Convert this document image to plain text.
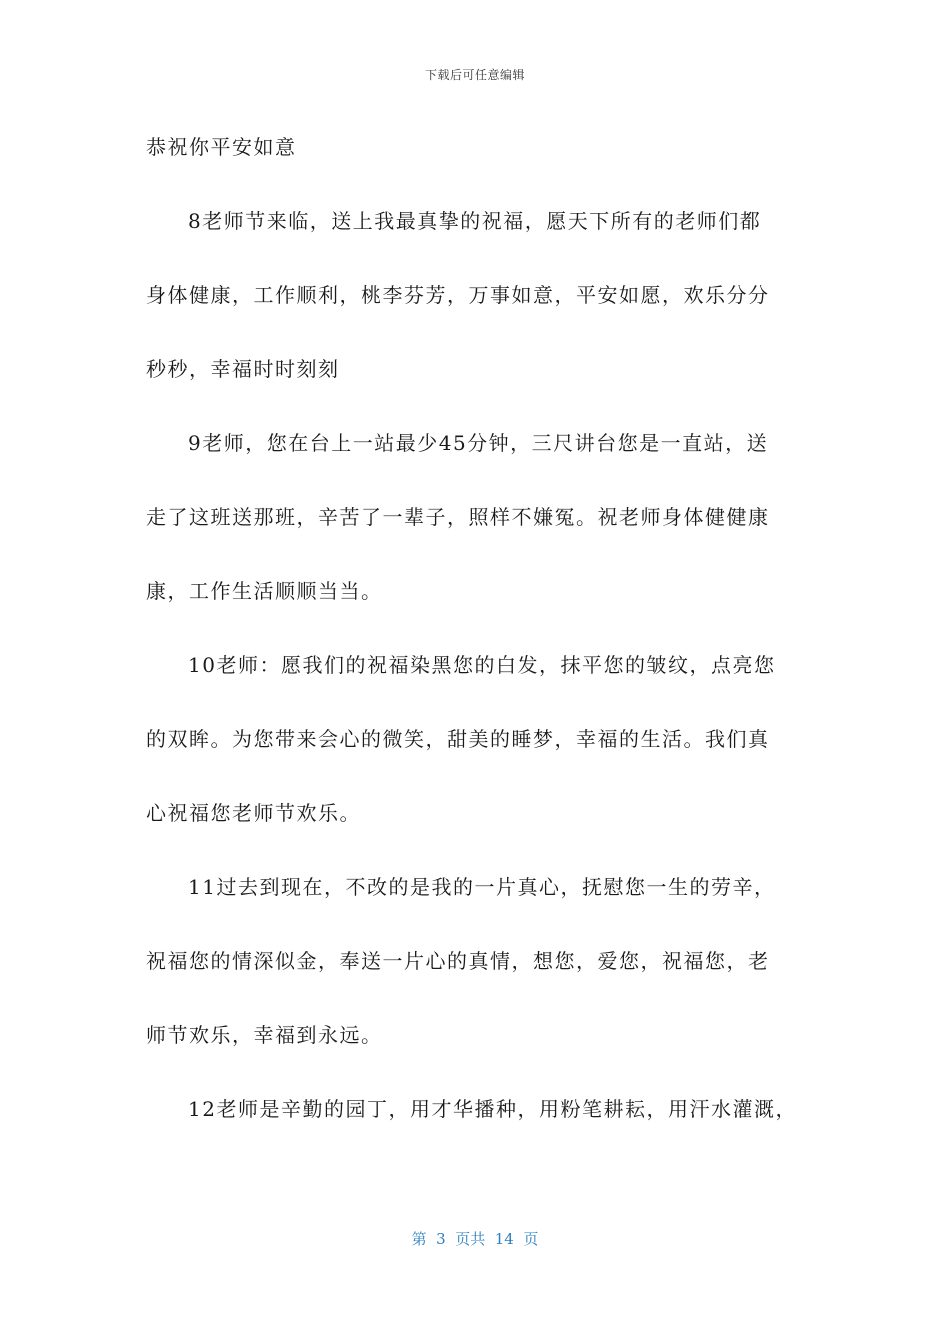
下载后可任意编辑
恭祝你平安如意
8老师节来临，送上我最真挚的祝福，愿天下所有的老师们都
身体健康，工作顺利，桃李芬芳，万事如意，平安如愿，欢乐分分
秒秒，幸福时时刻刻
9老师，您在台上一站最少45分钟，三尺讲台您是一直站，送
走了这班送那班，辛苦了一辈子，照样不嫌冤。祝老师身体健健康
康，工作生活顺顺当当。
10老师：愿我们的祝福染黑您的白发，抹平您的皱纹，点亮您
的双眸。为您带来会心的微笑，甜美的睡梦，幸福的生活。我们真
心祝福您老师节欢乐。
11过去到现在，不改的是我的一片真心，抚慰您一生的劳辛，
祝福您的情深似金，奉送一片心的真情，想您，爱您，祝福您，老
师节欢乐，幸福到永远。
12老师是辛勤的园丁，用才华播种，用粉笔耕耘，用汗水灌溉，
第  3  页共  14  页
